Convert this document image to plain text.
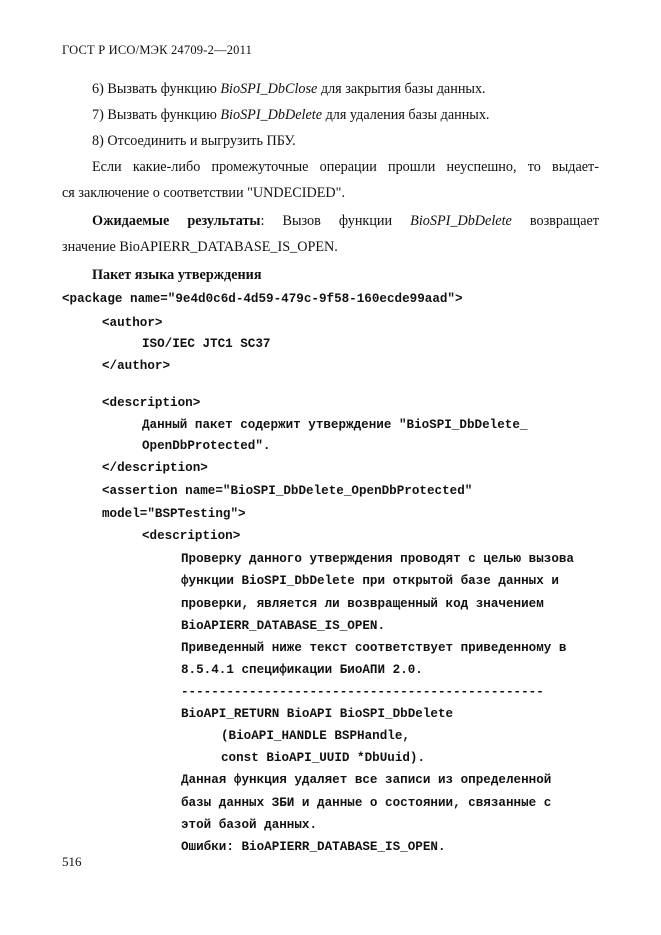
ГОСТ Р ИСО/МЭК 24709-2—2011
6) Вызвать функцию BioSPI_DbClose для закрытия базы данных.
7) Вызвать функцию BioSPI_DbDelete для удаления базы данных.
8) Отсоединить и выгрузить ПБУ.
Если какие-либо промежуточные операции прошли неуспешно, то выдает-
ся заключение о соответствии "UNDECIDED".
Ожидаемые результаты: Вызов функции BioSPI_DbDelete возвращает
значение BioAPIERR_DATABASE_IS_OPEN.
Пакет языка утверждения
<package name="9e4d0c6d-4d59-479c-9f58-160ecde99aad">
<author>
ISO/IEC JTC1 SC37
</author>
<description>
Данный пакет содержит утверждение "BioSPI_DbDelete_
OpenDbProtected".
</description>
<assertion name="BioSPI_DbDelete_OpenDbProtected"
model="BSPTesting">
<description>
Проверку данного утверждения проводят с целью вызова
функции BioSPI_DbDelete при открытой базе данных и
проверки, является ли возвращенный код значением
BioAPIERR_DATABASE_IS_OPEN.
Приведенный ниже текст соответствует приведенному в
8.5.4.1 спецификации БиоАПИ 2.0.
------------------------------------------------
BioAPI_RETURN BioAPI BioSPI_DbDelete
(BioAPI_HANDLE BSPHandle,
const BioAPI_UUID *DbUuid).
Данная функция удаляет все записи из определенной
базы данных ЗБИ и данные о состоянии, связанные с
этой базой данных.
Ошибки: BioAPIERR_DATABASE_IS_OPEN.
516
